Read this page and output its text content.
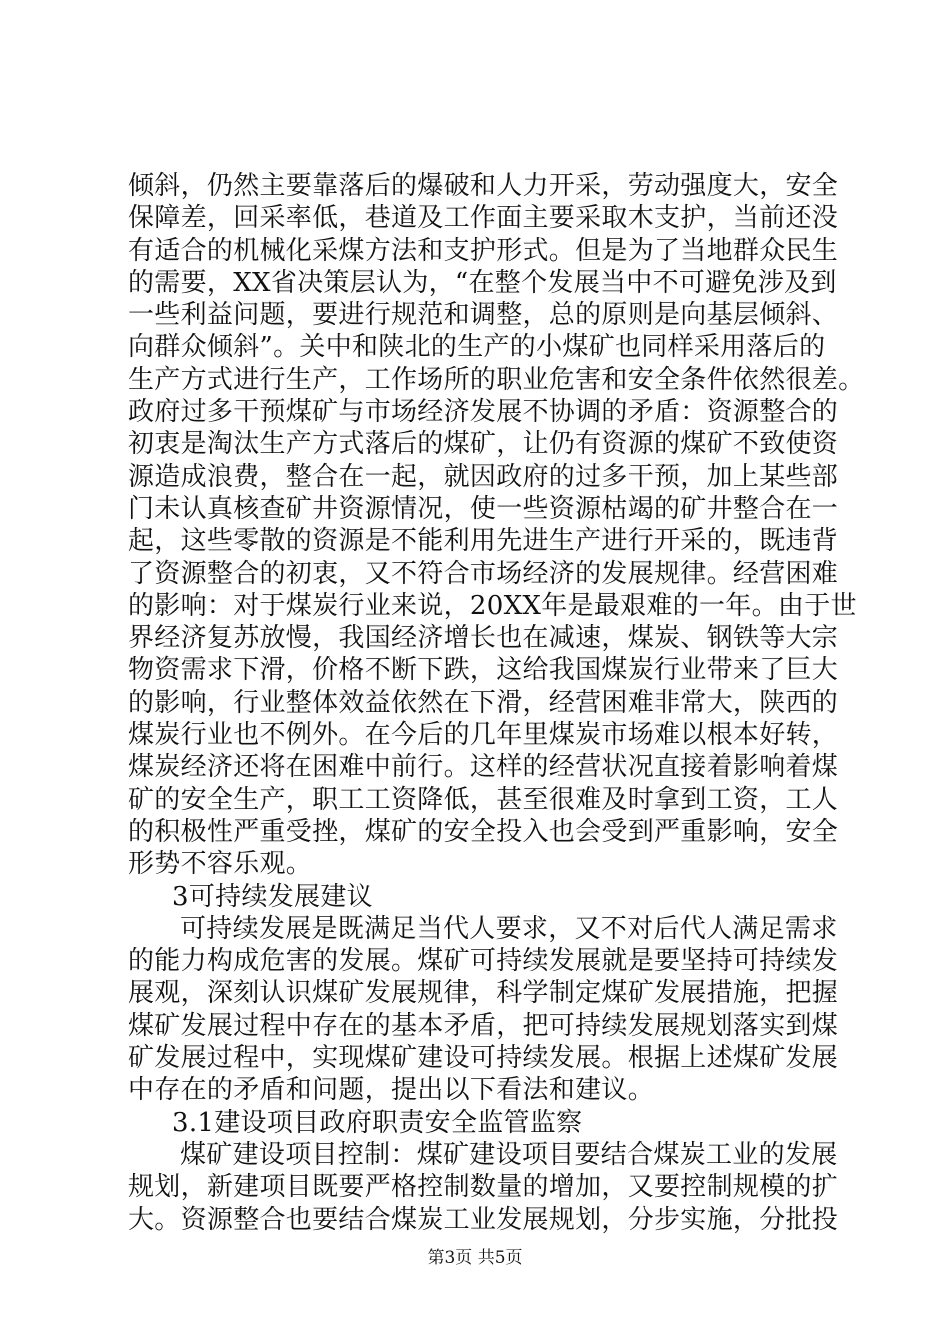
倾斜，仍然主要靠落后的爆破和人力开采，劳动强度大，安全
保障差，回采率低，巷道及工作面主要采取木支护，当前还没
有适合的机械化采煤方法和支护形式。但是为了当地群众民生
的需要，XX省决策层认为，“在整个发展当中不可避免涉及到
一些利益问题，要进行规范和调整，总的原则是向基层倾斜、
向群众倾斜”。关中和陕北的生产的小煤矿也同样采用落后的
生产方式进行生产，工作场所的职业危害和安全条件依然很差。
政府过多干预煤矿与市场经济发展不协调的矛盾：资源整合的
初衷是淘汰生产方式落后的煤矿，让仍有资源的煤矿不致使资
源造成浪费，整合在一起，就因政府的过多干预，加上某些部
门未认真核查矿井资源情况，使一些资源枯竭的矿井整合在一
起，这些零散的资源是不能利用先进生产进行开采的，既违背
了资源整合的初衷，又不符合市场经济的发展规律。经营困难
的影响：对于煤炭行业来说，20XX年是最艰难的一年。由于世
界经济复苏放慢，我国经济增长也在减速，煤炭、钢铁等大宗
物资需求下滑，价格不断下跌，这给我国煤炭行业带来了巨大
的影响，行业整体效益依然在下滑，经营困难非常大，陕西的
煤炭行业也不例外。在今后的几年里煤炭市场难以根本好转，
煤炭经济还将在困难中前行。这样的经营状况直接着影响着煤
矿的安全生产，职工工资降低，甚至很难及时拿到工资，工人
的积极性严重受挫，煤矿的安全投入也会受到严重影响，安全
形势不容乐观。
3可持续发展建议
可持续发展是既满足当代人要求，又不对后代人满足需求
的能力构成危害的发展。煤矿可持续发展就是要坚持可持续发
展观，深刻认识煤矿发展规律，科学制定煤矿发展措施，把握
煤矿发展过程中存在的基本矛盾，把可持续发展规划落实到煤
矿发展过程中，实现煤矿建设可持续发展。根据上述煤矿发展
中存在的矛盾和问题，提出以下看法和建议。
3.1建设项目政府职责安全监管监察
煤矿建设项目控制：煤矿建设项目要结合煤炭工业的发展
规划，新建项目既要严格控制数量的增加，又要控制规模的扩
大。资源整合也要结合煤炭工业发展规划，分步实施，分批投
第3页 共5页
